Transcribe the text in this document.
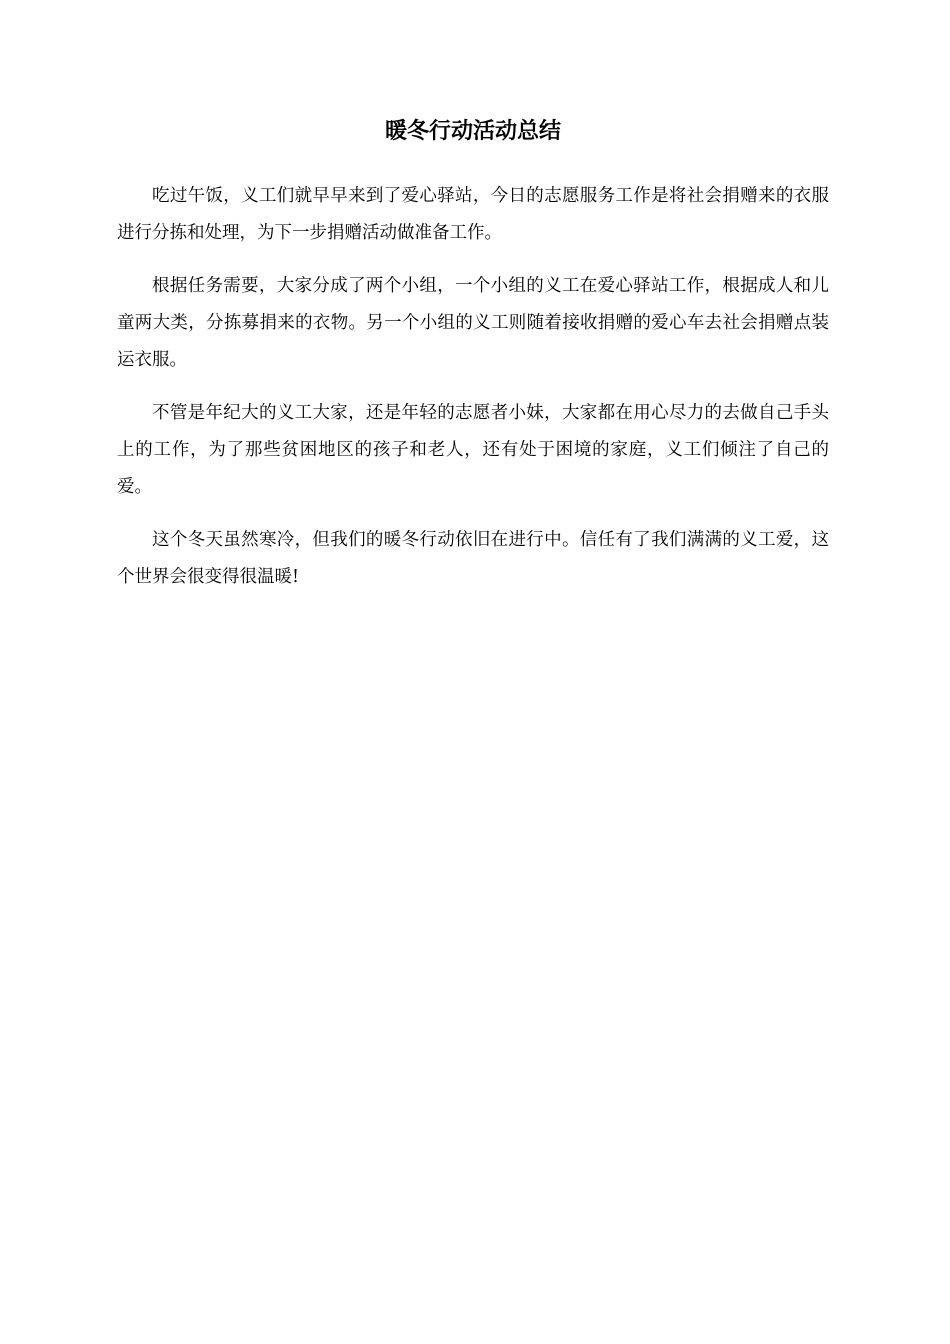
暖冬行动活动总结

吃过午饭，义工们就早早来到了爱心驿站，今日的志愿服务工作是将社会捐赠来的衣服进行分拣和处理，为下一步捐赠活动做准备工作。

根据任务需要，大家分成了两个小组，一个小组的义工在爱心驿站工作，根据成人和儿童两大类，分拣募捐来的衣物。另一个小组的义工则随着接收捐赠的爱心车去社会捐赠点装运衣服。

不管是年纪大的义工大家，还是年轻的志愿者小妹，大家都在用心尽力的去做自己手头上的工作，为了那些贫困地区的孩子和老人，还有处于困境的家庭，义工们倾注了自己的爱。

这个冬天虽然寒冷，但我们的暖冬行动依旧在进行中。信任有了我们满满的义工爱，这个世界会很变得很温暖!
